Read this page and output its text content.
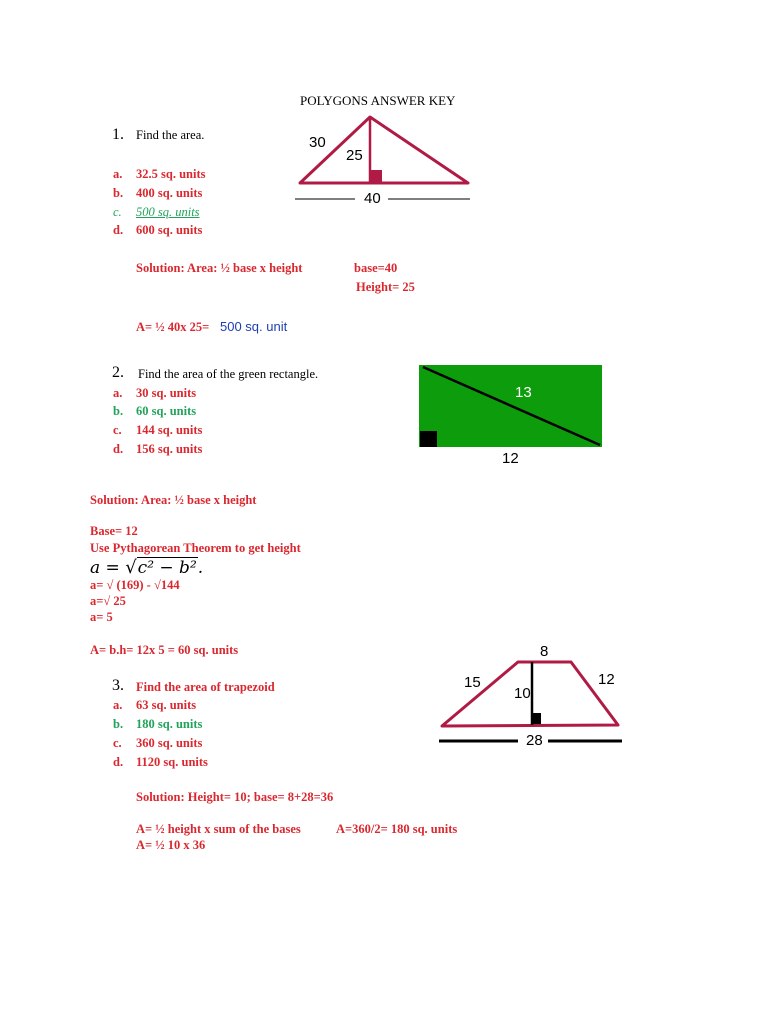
POLYGONS ANSWER KEY
1. Find the area.
a. 32.5 sq. units
b. 400 sq. units
c. 500 sq. units
d. 600 sq. units
Solution: Area: ½ base x height	base=40
Height= 25
A= ½ 40x 25= 500 sq. unit
30
25
40
2. Find the area of the green rectangle.
a. 30 sq. units
b. 60 sq. units
c. 144 sq. units
d. 156 sq. units
13
12
Solution: Area: ½ base x height
Base= 12
Use Pythagorean Theorem to get height
a = √c² − b².
a= √ (169) - √144
a=√ 25
a= 5
A= b.h= 12x 5 = 60 sq. units
3. Find the area of trapezoid
a. 63 sq. units
b. 180 sq. units
c. 360 sq. units
d. 1120 sq. units
Solution: Height= 10; base= 8+28=36
A= ½ height x sum of the bases	A=360/2= 180 sq. units
A= ½ 10 x 36
8
15	12
10
28
